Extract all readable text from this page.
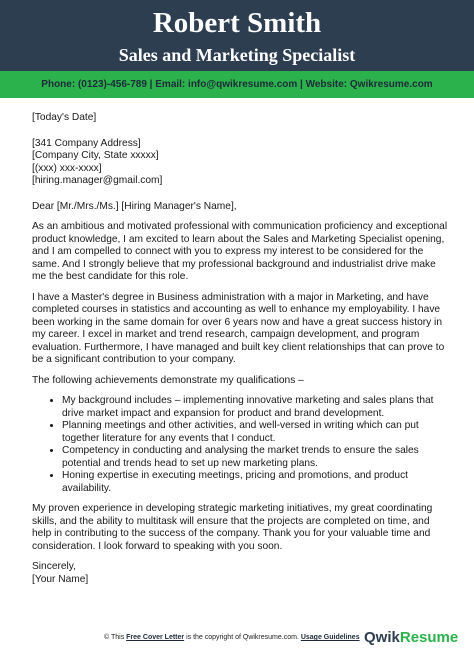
Robert Smith
Sales and Marketing Specialist
Phone: (0123)-456-789 | Email: info@qwikresume.com | Website: Qwikresume.com

[Today's Date]

[341 Company Address]

[Company City, State xxxxx]

[(xxx) xxx-xxxx]

[hiring.manager@gmail.com]

Dear [Mr./Mrs./Ms.] [Hiring Manager's Name],

As an ambitious and motivated professional with communication proficiency and exceptional product knowledge, I am excited to learn about the Sales and Marketing Specialist opening, and I am compelled to connect with you to express my interest to be considered for the same. And I strongly believe that my professional background and industrialist drive make me the best candidate for this role.

I have a Master's degree in Business administration with a major in Marketing, and have completed courses in statistics and accounting as well to enhance my employability. I have been working in the same domain for over 6 years now and have a great success history in my career. I excel in market and trend research, campaign development, and program evaluation. Furthermore, I have managed and built key client relationships that can prove to be a significant contribution to your company.

The following achievements demonstrate my qualifications –

• My background includes – implementing innovative marketing and sales plans that drive market impact and expansion for product and brand development.
• Planning meetings and other activities, and well-versed in writing which can put together literature for any events that I conduct.
• Competency in conducting and analysing the market trends to ensure the sales potential and trends head to set up new marketing plans.
• Honing expertise in executing meetings, pricing and promotions, and product availability.

My proven experience in developing strategic marketing initiatives, my great coordinating skills, and the ability to multitask will ensure that the projects are completed on time, and help in contributing to the success of the company. Thank you for your valuable time and consideration. I look forward to speaking with you soon.

Sincerely,

[Your Name]

© This Free Cover Letter is the copyright of Qwikresume.com. Usage Guidelines QwikResume
